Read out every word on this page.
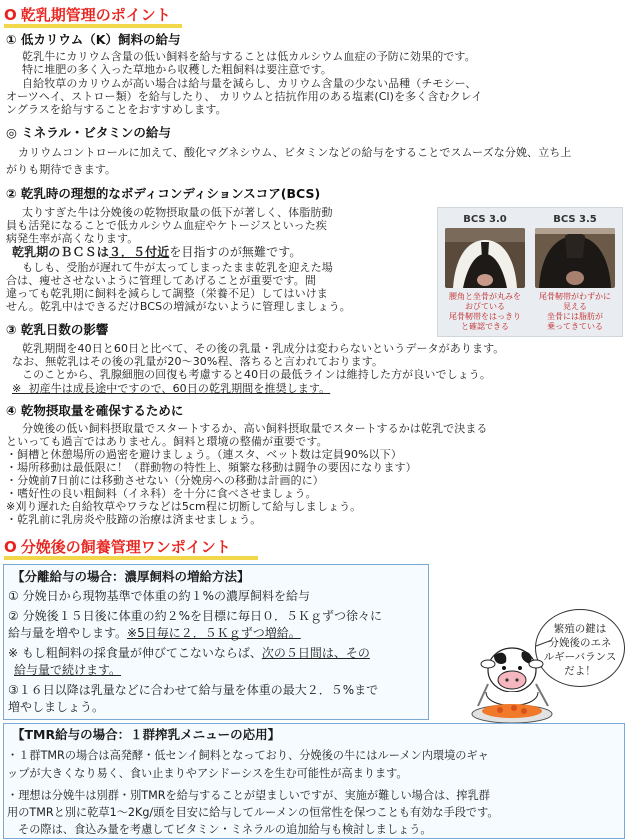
O 乾乳期管理のポイント
① 低カリウム（K）飼料の給与
乾乳牛にカリウム含量の低い飼料を給与することは低カルシウム血症の予防に効果的です。
特に堆肥の多く入った草地から収穫した粗飼料は要注意です。
自給牧草のカリウムが高い場合は給与量を減らし、カリウム含量の少ない品種（チモシー、
オーツヘイ、ストロー類）を給与したり、 カリウムと拮抗作用のある塩素(Cl)を多く含むクレイ
ングラスを給与することをおすすめします。
◎ ミネラル・ビタミンの給与
カリウムコントロールに加えて、酸化マグネシウム、ビタミンなどの給与をすることでスムーズな分娩、立ち上
がりも期待できます。
② 乾乳時の理想的なボディコンディションスコア(BCS)
太りすぎた牛は分娩後の乾物摂取量の低下が著しく、体脂肪動
員も活発になることで低カルシウム血症やケトージスといった疾
病発生率が高くなります。
乾乳期のＢＣＳは３．５付近を目指すのが無難です。
もしも、受胎が遅れて牛が太ってしまったまま乾乳を迎えた場
合は、痩せさせないように管理してあげることが重要です。間
違っても乾乳期に飼料を減らして調整（栄養不足）してはいけま
せん。乾乳中はできるだけBCSの増減がないように管理しましょう。
BCS 3.0
腰角と坐骨が丸みを
おびている
尾骨靭帯をはっきり
と確認できる
BCS 3.5
尾骨靭帯がわずかに
見える
坐骨には脂肪が
乗ってきている
③ 乾乳日数の影響
乾乳期間を40日と60日と比べて、その後の乳量・乳成分は変わらないというデータがあります。
なお、無乾乳はその後の乳量が20～30%程、落ちると言われております。
このことから、乳腺細胞の回復も考慮すると40日の最低ラインは維持した方が良いでしょう。
※  初産牛は成長途中ですので、60日の乾乳期間を推奨します。
④ 乾物摂取量を確保するために
分娩後の低い飼料摂取量でスタートするか、高い飼料摂取量でスタートするかは乾乳で決まる
といっても過言ではありません。飼料と環境の整備が重要です。
・飼槽と休憩場所の過密を避けましょう。（連スタ、ベット数は定員90%以下）
・場所移動は最低限に！（群動物の特性上、頻繁な移動は闘争の要因になります）
・分娩前7日前には移動させない（分娩房への移動は計画的に）
・嗜好性の良い粗飼料（イネ科）を十分に食べさせましょう。
※刈り遅れた自給牧草やワラなどは5cm程に切断して給与しましょう。
・乾乳前に乳房炎や肢蹄の治療は済ませましょう。
O 分娩後の飼養管理ワンポイント
【分離給与の場合：濃厚飼料の増給方法】
① 分娩日から現物基準で体重の約１%の濃厚飼料を給与
② 分娩後１５日後に体重の約２%を目標に毎日０．５Ｋｇずつ徐々に
給与量を増やします。※5日毎に２．５Ｋｇずつ増給。
※ もし粗飼料の採食量が伸びてこないならば、次の５日間は、その
給与量で続けます。
③１６日以降は乳量などに合わせて給与量を体重の最大２．５%まで
増やしましょう。
繁殖の鍵は
分娩後のエネ
ルギーバランス
だよ！
【TMR給与の場合：１群搾乳メニューの応用】
・１群TMRの場合は高発酵・低センイ飼料となっており、分娩後の牛にはルーメン内環境のギャ
ップが大きくなり易く、食い止まりやアシドーシスを生む可能性が高まります。
・理想は分娩牛は別群・別TMRを給与することが望ましいですが、実施が難しい場合は、搾乳群
用のTMRと別に乾草1～2Kg/頭を目安に給与してルーメンの恒常性を保つことも有効な手段です。
その際は、食込み量を考慮してビタミン・ミネラルの追加給与も検討しましょう。
